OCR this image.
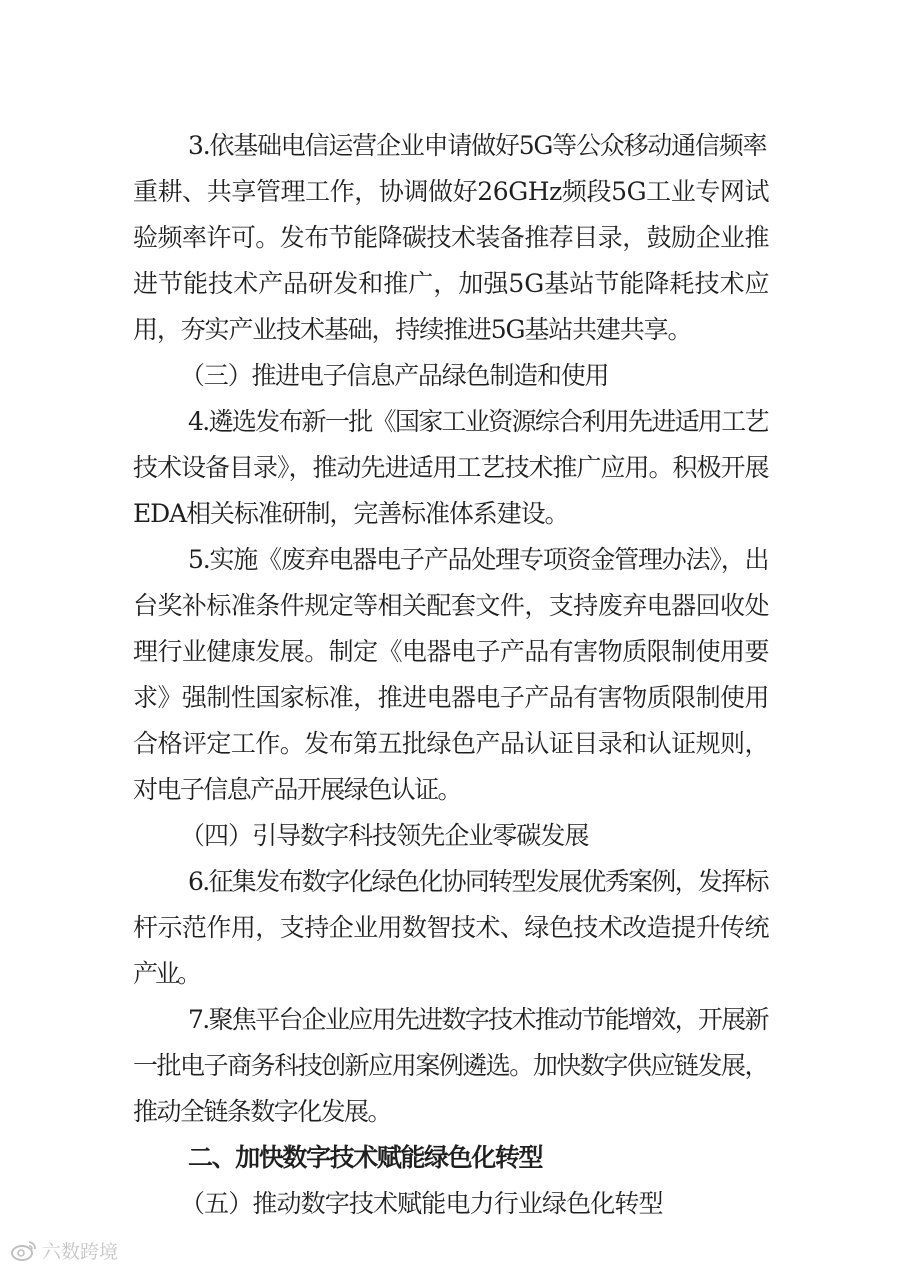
3.依基础电信运营企业申请做好5G等公众移动通信频率
重耕、共享管理工作，协调做好26GHz频段5G工业专网试
验频率许可。发布节能降碳技术装备推荐目录，鼓励企业推
进节能技术产品研发和推广，加强5G基站节能降耗技术应
用，夯实产业技术基础，持续推进5G基站共建共享。
（三）推进电子信息产品绿色制造和使用
4.遴选发布新一批《国家工业资源综合利用先进适用工艺
技术设备目录》，推动先进适用工艺技术推广应用。积极开展
EDA相关标准研制，完善标准体系建设。
5.实施《废弃电器电子产品处理专项资金管理办法》，出
台奖补标准条件规定等相关配套文件，支持废弃电器回收处
理行业健康发展。制定《电器电子产品有害物质限制使用要
求》强制性国家标准，推进电器电子产品有害物质限制使用
合格评定工作。发布第五批绿色产品认证目录和认证规则，
对电子信息产品开展绿色认证。
（四）引导数字科技领先企业零碳发展
6.征集发布数字化绿色化协同转型发展优秀案例，发挥标
杆示范作用，支持企业用数智技术、绿色技术改造提升传统
产业。
7.聚焦平台企业应用先进数字技术推动节能增效，开展新
一批电子商务科技创新应用案例遴选。加快数字供应链发展，
推动全链条数字化发展。
二、加快数字技术赋能绿色化转型
（五）推动数字技术赋能电力行业绿色化转型
六数跨境
